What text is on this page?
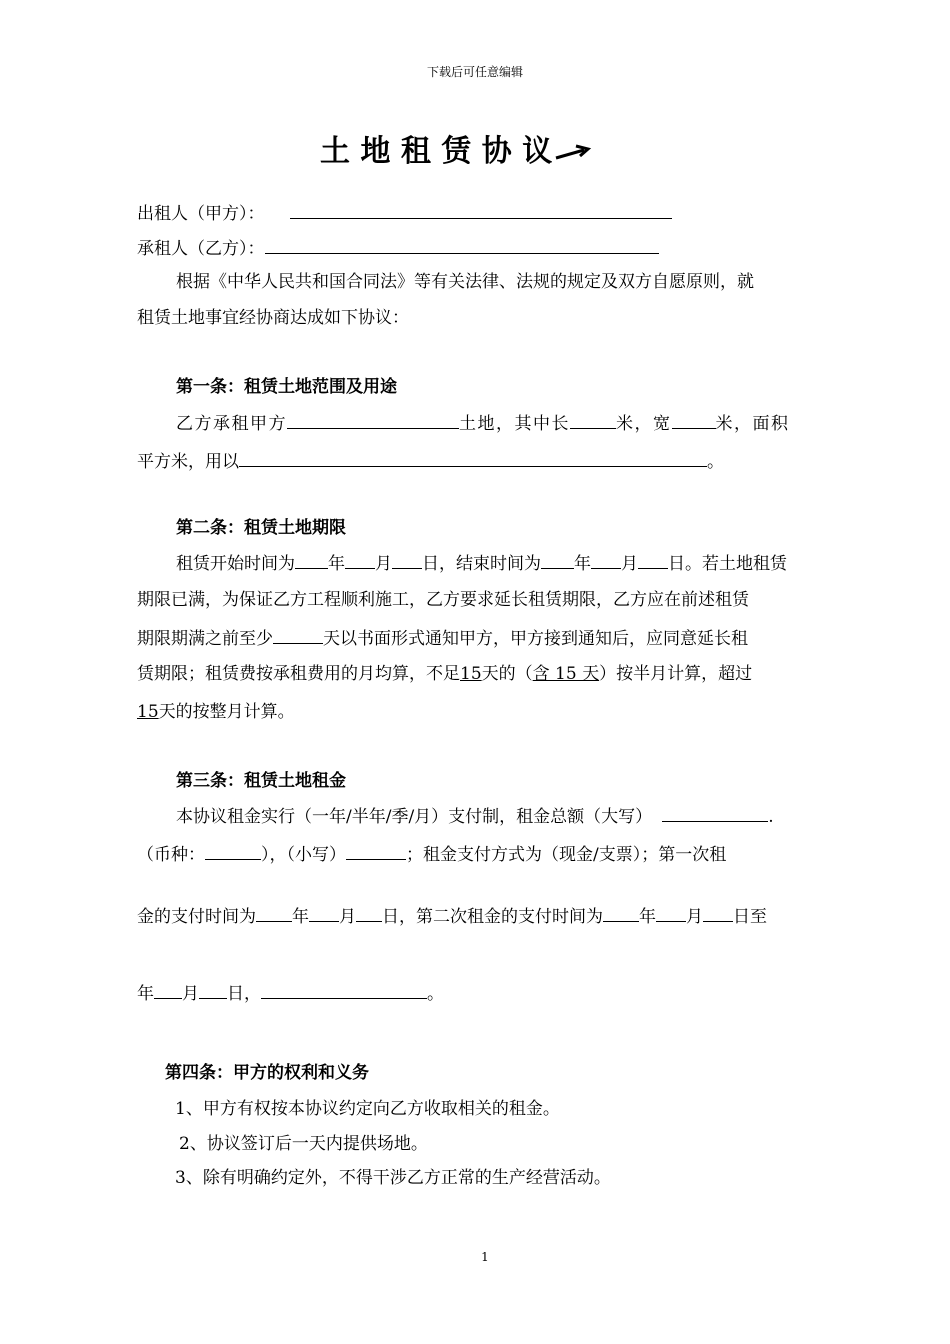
下载后可任意编辑
土 地 租 赁 协 议
出租人（甲方）：
承租人（乙方）：
根据《中华人民共和国合同法》等有关法律、法规的规定及双方自愿原则，就
租赁土地事宜经协商达成如下协议：
第一条：租赁土地范围及用途
乙方承租甲方	土地，其中长	米，宽	米，面积
平方米，用以	。
第二条：租赁土地期限
租赁开始时间为 年 月 日，结束时间为 年 月 日。若土地租赁
期限已满，为保证乙方工程顺利施工，乙方要求延长租赁期限，乙方应在前述租赁
期限期满之前至少	天以书面形式通知甲方，甲方接到通知后，应同意延长租
赁期限；租赁费按承租费用的月均算，不足15天的（含 15 天）按半月计算，超过
15天的按整月计算。
第三条：租赁土地租金
本协议租金实行（一年/半年/季/月）支付制，租金总额（大写）	.
（币种：	），（小写）	；租金支付方式为（现金/支票）；第一次租
金的支付时间为 年 月 日，第二次租金的支付时间为 年 月 日至
年 月 日，	。
第四条：甲方的权利和义务
1、甲方有权按本协议约定向乙方收取相关的租金。
2、协议签订后一天内提供场地。
3、除有明确约定外，不得干涉乙方正常的生产经营活动。
1
